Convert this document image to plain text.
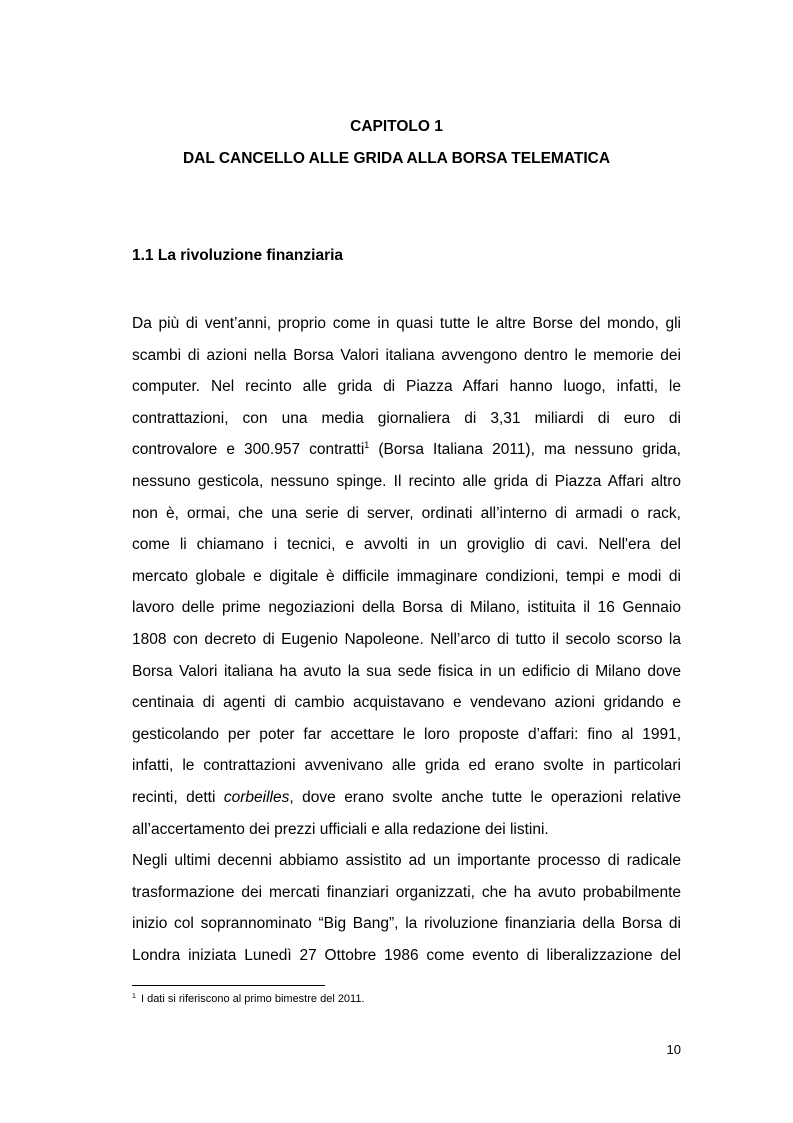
CAPITOLO 1
DAL CANCELLO ALLE GRIDA ALLA BORSA TELEMATICA
1.1 La rivoluzione finanziaria
Da più di vent’anni, proprio come in quasi tutte le altre Borse del mondo, gli
scambi di azioni nella Borsa Valori italiana avvengono dentro le memorie dei
computer. Nel recinto alle grida di Piazza Affari hanno luogo, infatti, le
contrattazioni, con una media giornaliera di 3,31 miliardi di euro di
controvalore e 300.957 contratti$^1$ (Borsa Italiana 2011), ma nessuno grida,
nessuno gesticola, nessuno spinge. Il recinto alle grida di Piazza Affari altro
non è, ormai, che una serie di server, ordinati all’interno di armadi o rack,
come li chiamano i tecnici, e avvolti in un groviglio di cavi. Nell'era del
mercato globale e digitale è difficile immaginare condizioni, tempi e modi di
lavoro delle prime negoziazioni della Borsa di Milano, istituita il 16 Gennaio
1808 con decreto di Eugenio Napoleone. Nell’arco di tutto il secolo scorso la
Borsa Valori italiana ha avuto la sua sede fisica in un edificio di Milano dove
centinaia di agenti di cambio acquistavano e vendevano azioni gridando e
gesticolando per poter far accettare le loro proposte d’affari: fino al 1991,
infatti, le contrattazioni avvenivano alle grida ed erano svolte in particolari
recinti, detti corbeilles, dove erano svolte anche tutte le operazioni relative
all’accertamento dei prezzi ufficiali e alla redazione dei listini.
Negli ultimi decenni abbiamo assistito ad un importante processo di radicale
trasformazione dei mercati finanziari organizzati, che ha avuto probabilmente
inizio col soprannominato “Big Bang”, la rivoluzione finanziaria della Borsa di
Londra iniziata Lunedì 27 Ottobre 1986 come evento di liberalizzazione del
$^1$ I dati si riferiscono al primo bimestre del 2011.
10
